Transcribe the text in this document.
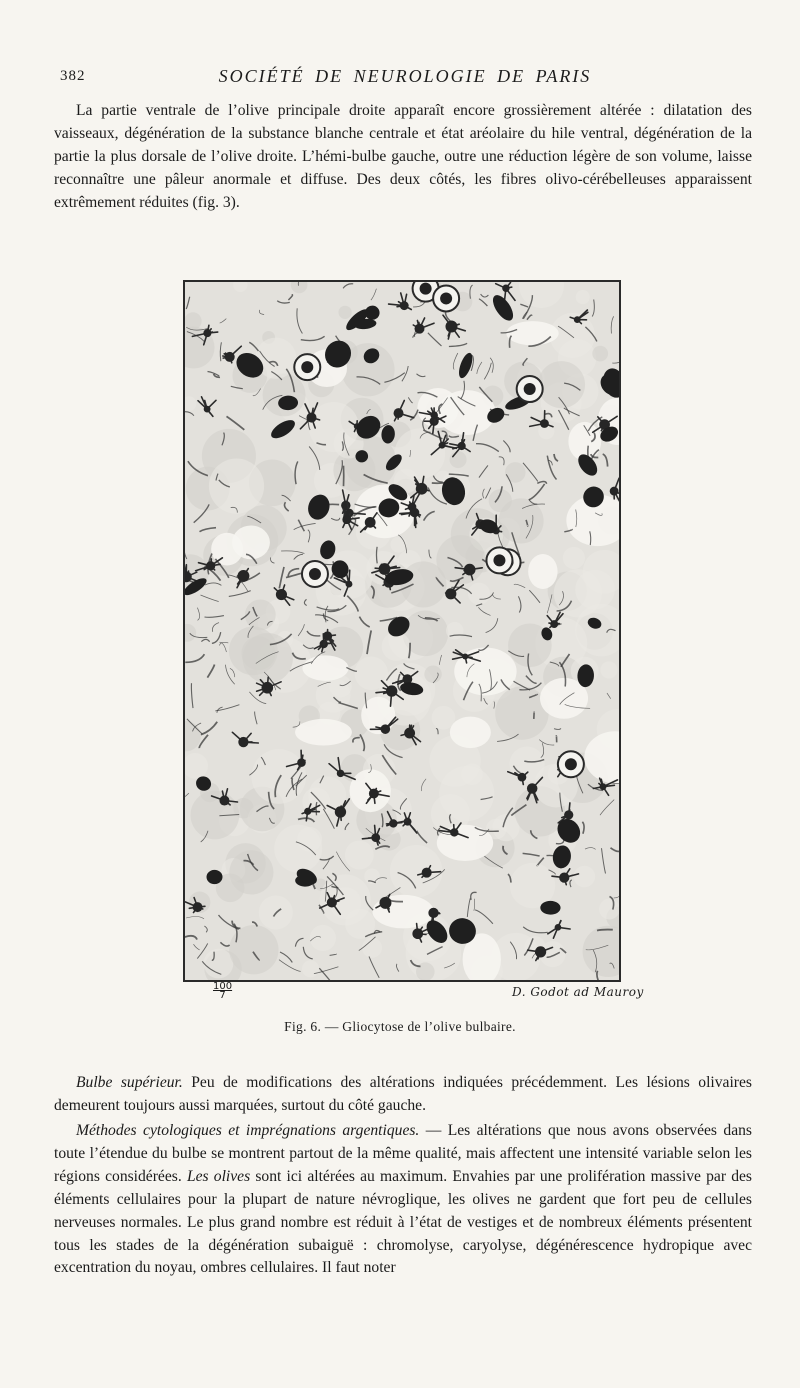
382	SOCIÉTÉ DE NEUROLOGIE DE PARIS

La partie ventrale de l’olive principale droite apparaît encore grossièrement altérée : dilatation des vaisseaux, dégénération de la substance blanche centrale et état aréolaire du hile ventral, dégénération de la partie la plus dorsale de l’olive droite. L’hémi-bulbe gauche, outre une réduction légère de son volume, laisse reconnaître une pâleur anormale et diffuse. Des deux côtés, les fibres olivo-cérébelleuses apparaissent extrêmement réduites (fig. 3).

100
7	D. Godot ad Mauroy
Fig. 6. — Gliocytose de l’olive bulbaire.

Bulbe supérieur. Peu de modifications des altérations indiquées précédemment. Les lésions olivaires demeurent toujours aussi marquées, surtout du côté gauche.

Méthodes cytologiques et imprégnations argentiques. — Les altérations que nous avons observées dans toute l’étendue du bulbe se montrent partout de la même qualité, mais affectent une intensité variable selon les régions considérées. Les olives sont ici altérées au maximum. Envahies par une prolifération massive par des éléments cellulaires pour la plupart de nature névroglique, les olives ne gardent que fort peu de cellules nerveuses normales. Le plus grand nombre est réduit à l’état de vestiges et de nombreux éléments présentent tous les stades de la dégénération subaiguë : chromolyse, caryolyse, dégénérescence hydropique avec excentration du noyau, ombres cellulaires. Il faut noter
